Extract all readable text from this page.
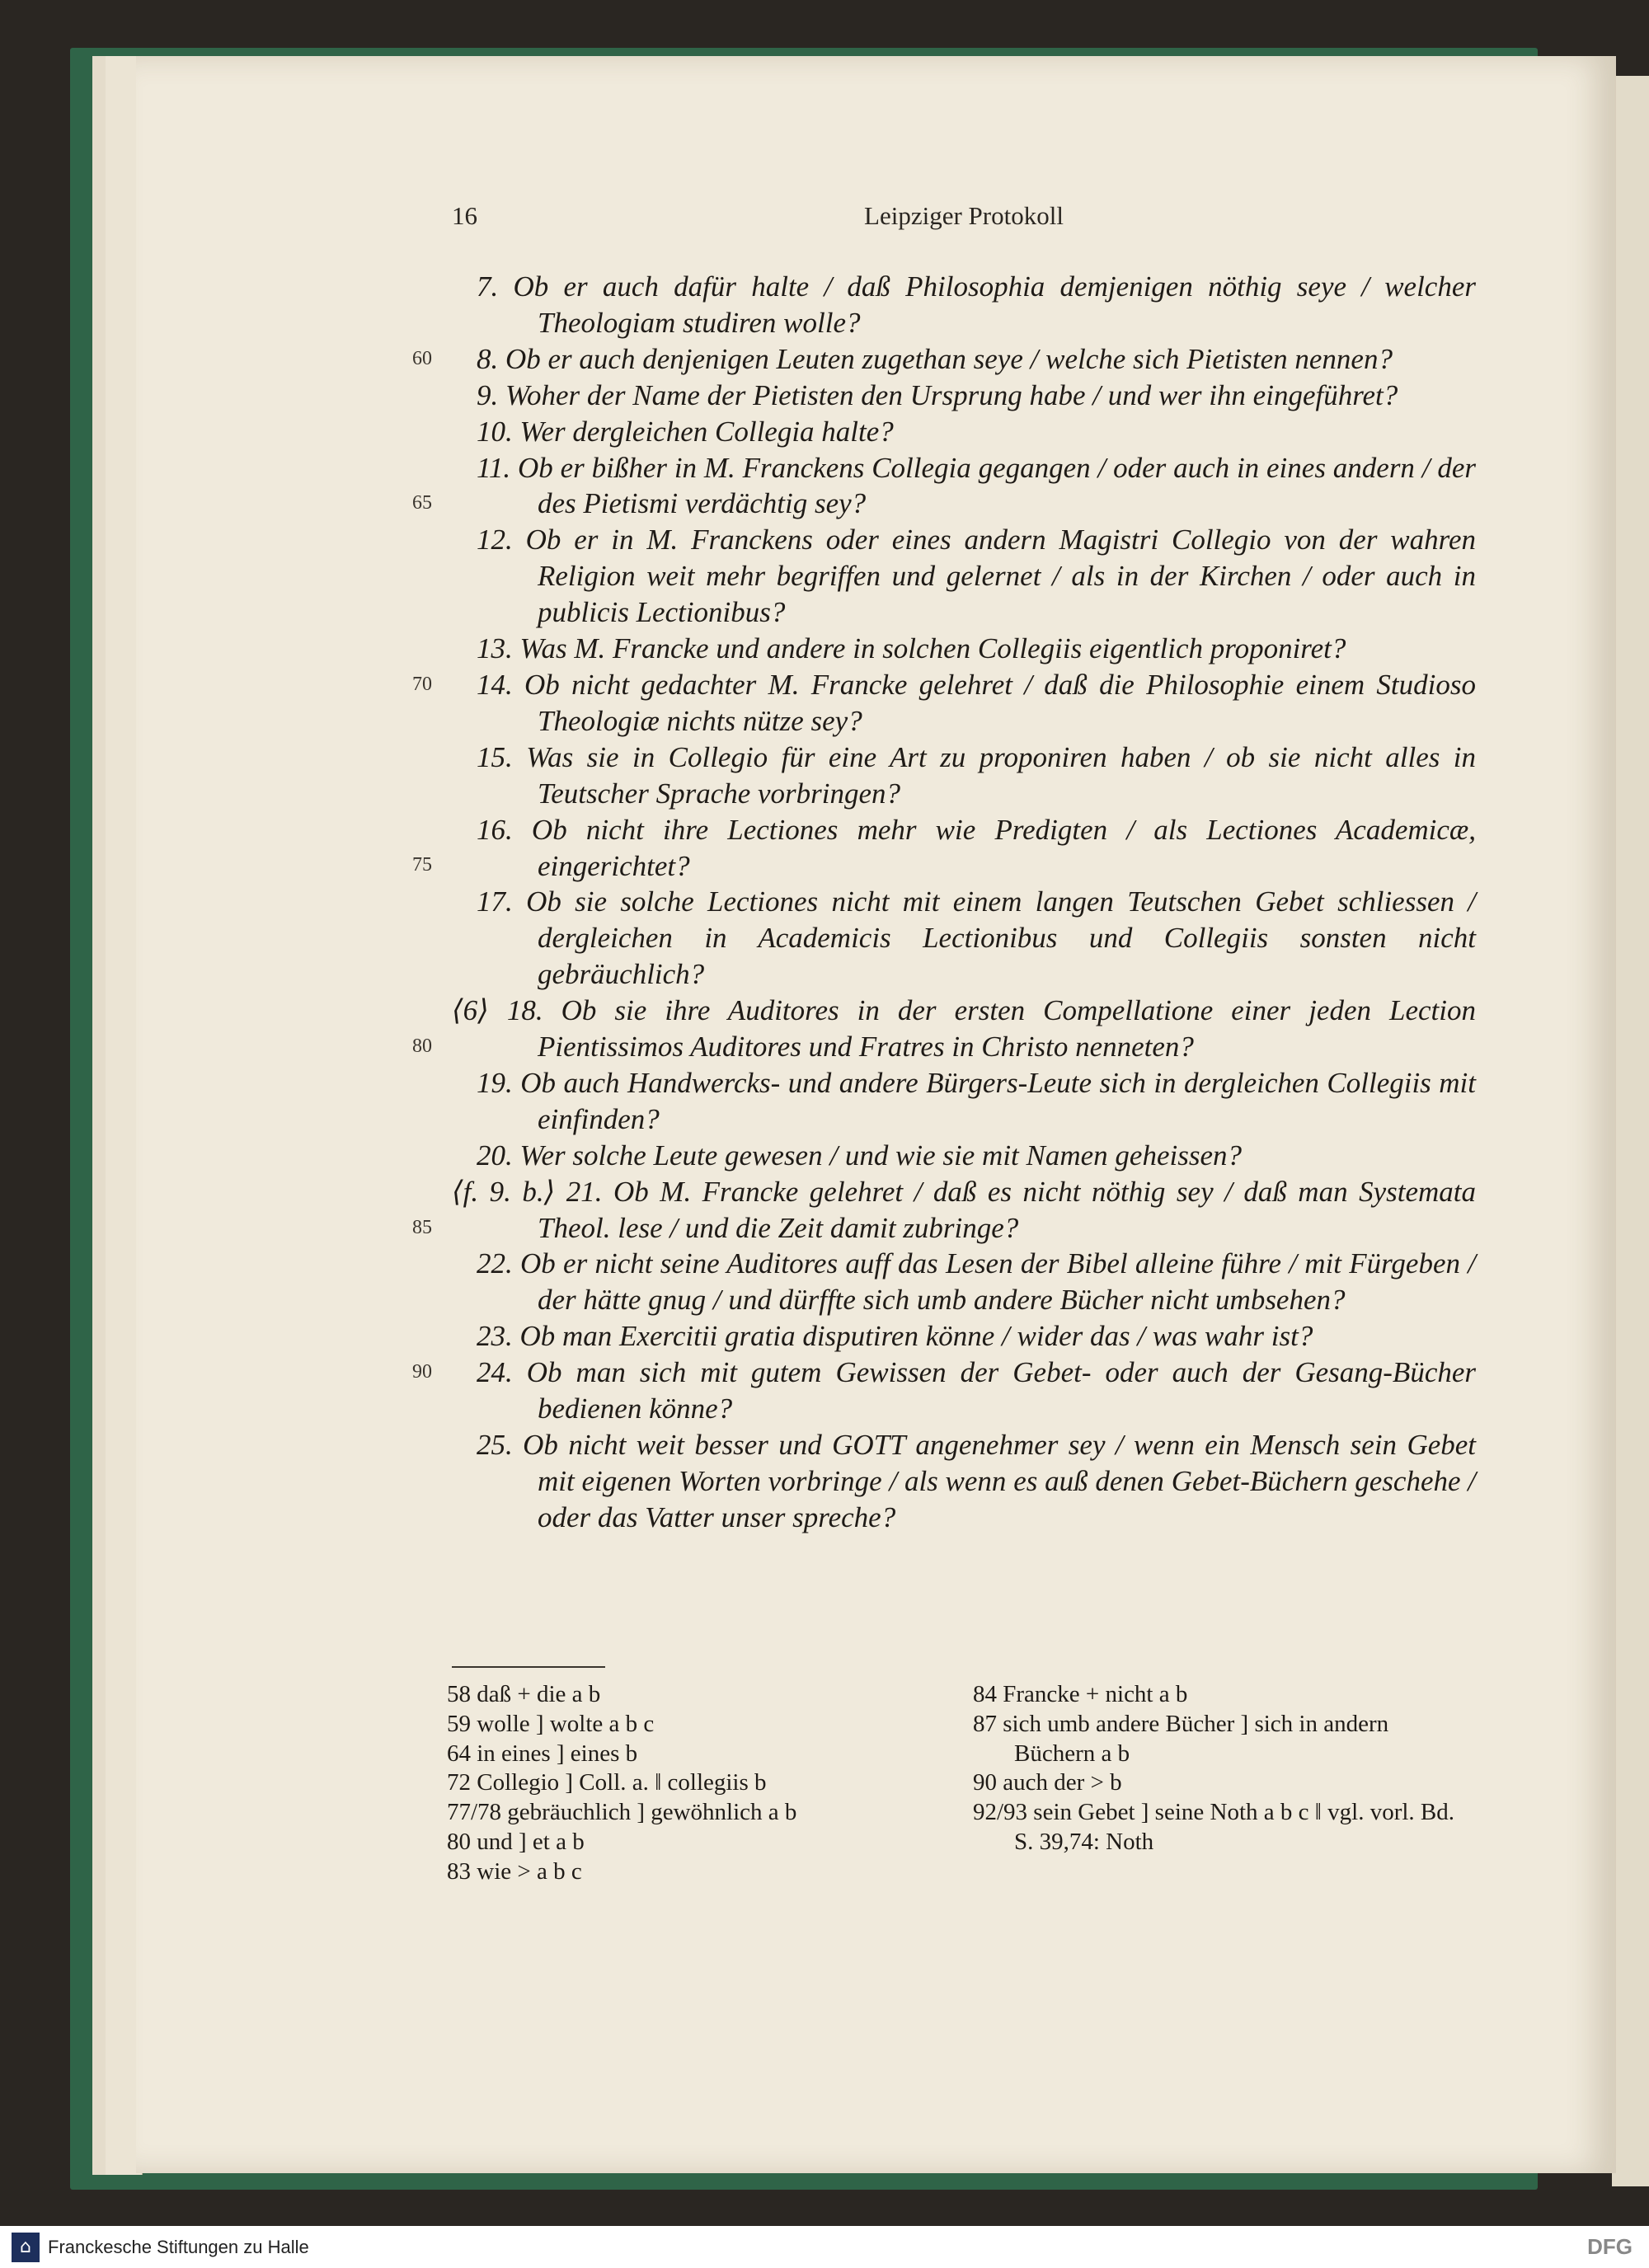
16	Leipziger Protokoll
7. Ob er auch dafür halte / daß Philosophia demjenigen nöthig seye / welcher Theologiam studiren wolle?
60	8. Ob er auch denjenigen Leuten zugethan seye / welche sich Pietisten nennen?
9. Woher der Name der Pietisten den Ursprung habe / und wer ihn eingeführet?
10. Wer dergleichen Collegia halte?
65
11. Ob er bißher in M. Franckens Collegia gegangen / oder auch in eines andern / der des Pietismi verdächtig sey?
12. Ob er in M. Franckens oder eines andern Magistri Collegio von der wahren Religion weit mehr begriffen und gelernet / als in der Kirchen / oder auch in publicis Lectionibus?
13. Was M. Francke und andere in solchen Collegiis eigentlich proponiret?
70	14. Ob nicht gedachter M. Francke gelehret / daß die Philosophie einem Studioso Theologiæ nichts nütze sey?
15. Was sie in Collegio für eine Art zu proponiren haben / ob sie nicht alles in Teutscher Sprache vorbringen?
75
16. Ob nicht ihre Lectiones mehr wie Predigten / als Lectiones Academicæ, eingerichtet?
17. Ob sie solche Lectiones nicht mit einem langen Teutschen Gebet schliessen / dergleichen in Academicis Lectionibus und Collegiis sonsten nicht gebräuchlich?
80
⟨6⟩ 18. Ob sie ihre Auditores in der ersten Compellatione einer jeden Lection Pientissimos Auditores und Fratres in Christo nenneten?
19. Ob auch Handwercks- und andere Bürgers-Leute sich in dergleichen Collegiis mit einfinden?
20. Wer solche Leute gewesen / und wie sie mit Namen geheissen?
85
⟨f. 9. b.⟩ 21. Ob M. Francke gelehret / daß es nicht nöthig sey / daß man Systemata Theol. lese / und die Zeit damit zubringe?
22. Ob er nicht seine Auditores auff das Lesen der Bibel alleine führe / mit Fürgeben / der hätte gnug / und dürffte sich umb andere Bücher nicht umbsehen?
23. Ob man Exercitii gratia disputiren könne / wider das / was wahr ist?
90	24. Ob man sich mit gutem Gewissen der Gebet- oder auch der Gesang-Bücher bedienen könne?
25. Ob nicht weit besser und GOTT angenehmer sey / wenn ein Mensch sein Gebet mit eigenen Worten vorbringe / als wenn es auß denen Gebet-Büchern geschehe / oder das Vatter unser spreche?
58 daß + die a b
59 wolle ] wolte a b c
64 in eines ] eines b
72 Collegio ] Coll. a. ‖ collegiis b
77/78 gebräuchlich ] gewöhnlich a b
80 und ] et a b
83 wie > a b c
84 Francke + nicht a b
87 sich umb andere Bücher ] sich in andern Büchern a b
90 auch der > b
92/93 sein Gebet ] seine Noth a b c ‖ vgl. vorl. Bd. S. 39,74: Noth
⌂ Franckesche Stiftungen zu Halle	DFG
